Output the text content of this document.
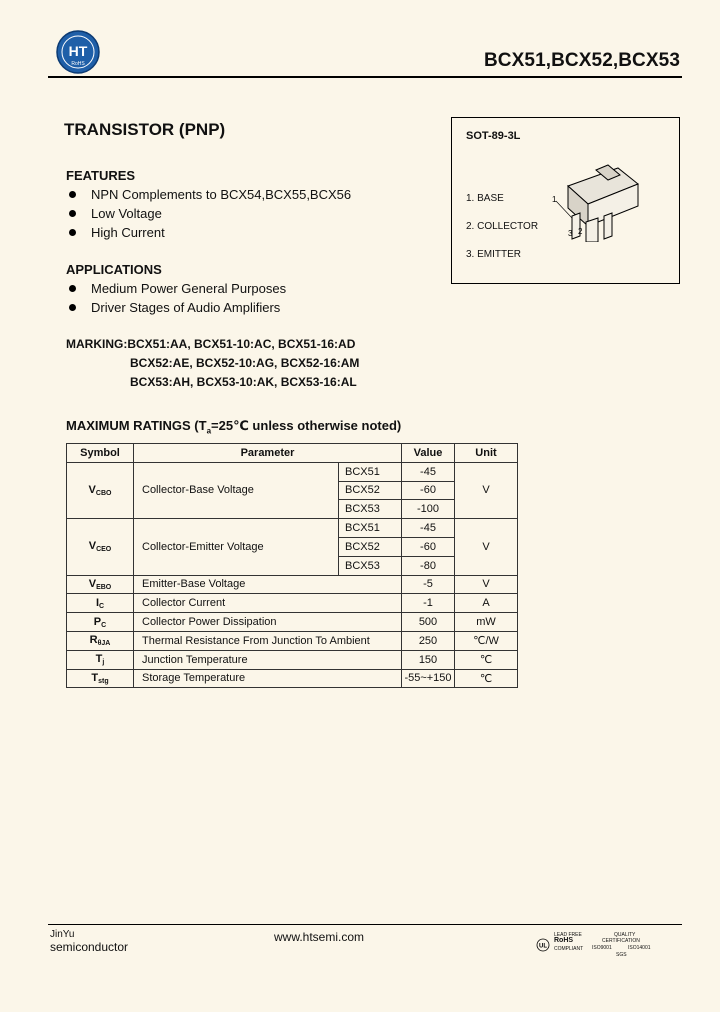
HT
RoHS	BCX51,BCX52,BCX53
TRANSISTOR (PNP)
FEATURES
NPN Complements to BCX54,BCX55,BCX56
Low Voltage
High Current
APPLICATIONS
Medium Power General Purposes
Driver Stages of Audio Amplifiers
MARKING:BCX51:AA, BCX51-10:AC, BCX51-16:AD
BCX52:AE, BCX52-10:AG, BCX52-16:AM
BCX53:AH, BCX53-10:AK, BCX53-16:AL
SOT-89-3L
1. BASE
2. COLLECTOR
3. EMITTER
1
3 2
MAXIMUM RATINGS ($T_a=25℃$ unless otherwise noted)
Symbol	Parameter		Value	Unit
$V_{CBO}$	Collector-Base Voltage	BCX51	-45	V
		BCX52	-60	
		BCX53	-100	
$V_{CEO}$	Collector-Emitter Voltage	BCX51	-45	V
		BCX52	-60	
		BCX53	-80	
$V_{EBO}$	Emitter-Base Voltage		-5	V
$I_C$	Collector Current		-1	A
$P_C$	Collector Power Dissipation		500	mW
$R_{\theta JA}$	Thermal Resistance From Junction To Ambient		250	℃/W
$T_j$	Junction Temperature		150	℃
$T_{stg}$	Storage Temperature		-55~+150	℃
JinYu
semiconductor
www.htsemi.com
UL
LEAD FREE
RoHS
COMPLIANT
QUALITY
CERTIFICATION
ISO9001	ISO14001
SGS
